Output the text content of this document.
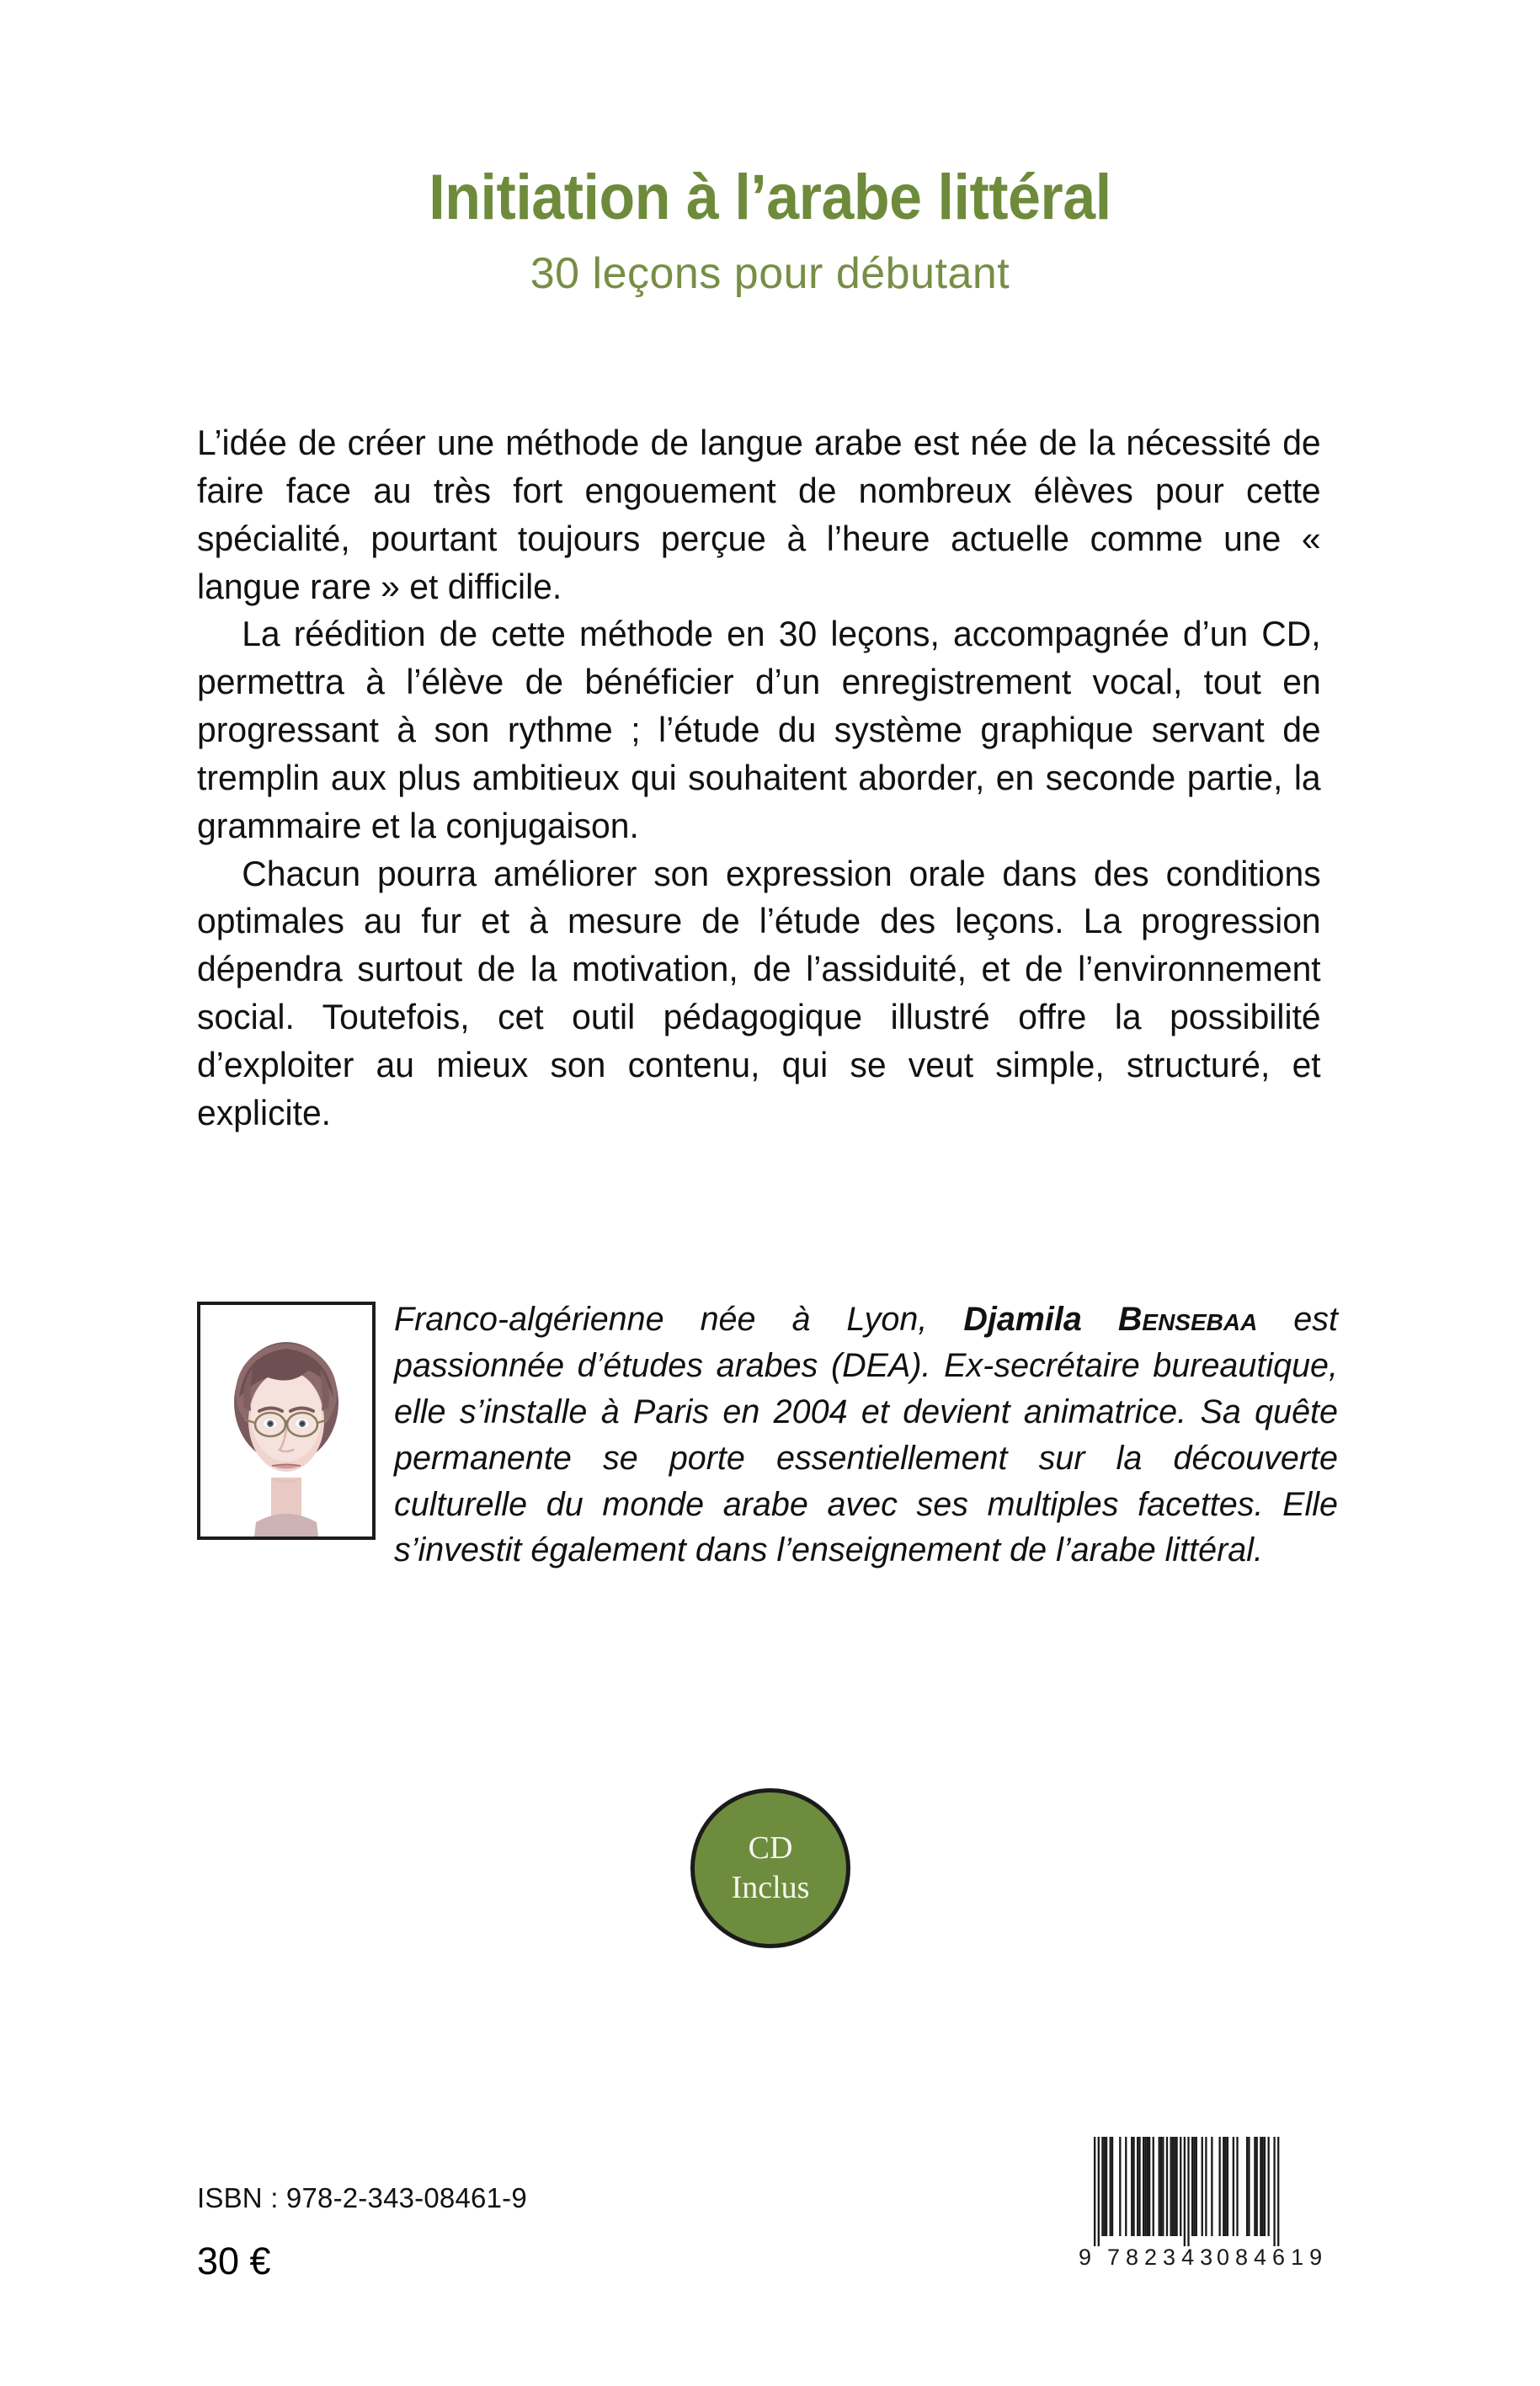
Initiation à l’arabe littéral
30 leçons pour débutant

L’idée de créer une méthode de langue arabe est née de la nécessité de faire face au très fort engouement de nombreux élèves pour cette spécialité, pourtant toujours perçue à l’heure actuelle comme une « langue rare » et difficile.

La réédition de cette méthode en 30 leçons, accompagnée d’un CD, permettra à l’élève de bénéficier d’un enregistrement vocal, tout en progressant à son rythme ; l’étude du système graphique servant de tremplin aux plus ambitieux qui souhaitent aborder, en seconde partie, la grammaire et la conjugaison.

Chacun pourra améliorer son expression orale dans des conditions optimales au fur et à mesure de l’étude des leçons. La progression dépendra surtout de la motivation, de l’assiduité, et de l’environnement social. Toutefois, cet outil pédagogique illustré offre la possibilité d’exploiter au mieux son contenu, qui se veut simple, structuré, et explicite.

Franco-algérienne née à Lyon, Djamila Bensebaa est passionnée d’études arabes (DEA). Ex-secrétaire bureautique, elle s’installe à Paris en 2004 et devient animatrice. Sa quête permanente se porte essentiellement sur la découverte culturelle du monde arabe avec ses multiples facettes. Elle s’investit également dans l’enseignement de l’arabe littéral.

CD
Inclus
ISBN : 978-2-343-08461-9
30 €	9 782343
084619
